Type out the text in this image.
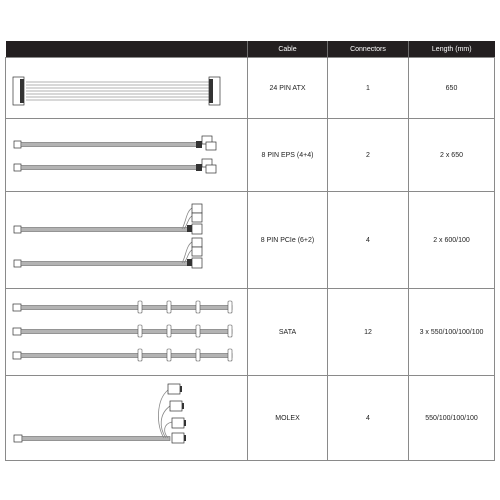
	Cable	Connectors	Length (mm)

	24 PIN ATX	1	650

	8 PIN EPS (4+4)	2	2 x 650

	8 PIN PCIe (6+2)	4	2 x 600/100

	SATA	12	3 x 550/100/100/100

	MOLEX	4	550/100/100/100
